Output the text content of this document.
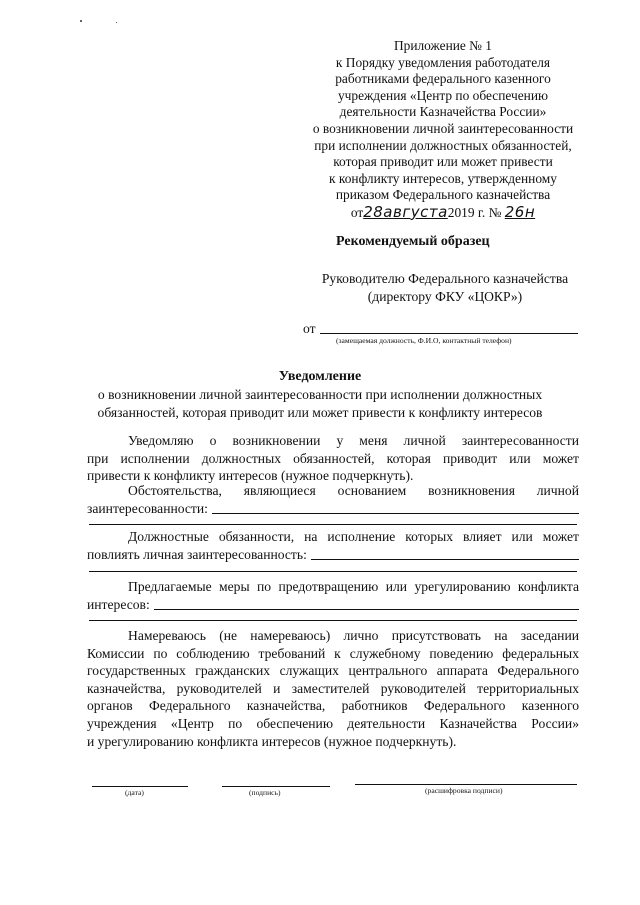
Приложение № 1
к Порядку уведомления работодателя
работниками федерального казенного
учреждения «Центр по обеспечению
деятельности Казначейства России»
о возникновении личной заинтересованности
при исполнении должностных обязанностей,
которая приводит или может привести
к конфликту интересов, утвержденному
приказом Федерального казначейства
от28августа2019 г. № 26н
Рекомендуемый образец
Руководителю Федерального казначейства
(директору ФКУ «ЦОКР»)
от
(замещаемая должность, Ф.И.О, контактный телефон)
Уведомление
о возникновении личной заинтересованности при исполнении должностных
обязанностей, которая приводит или может привести к конфликту интересов
Уведомляю о возникновении у меня личной заинтересованности
при исполнении должностных обязанностей, которая приводит или может
привести к конфликту интересов (нужное подчеркнуть).
Обстоятельства, являющиеся основанием возникновения личной
заинтересованности:
Должностные обязанности, на исполнение которых влияет или может
повлиять личная заинтересованность:
Предлагаемые меры по предотвращению или урегулированию конфликта
интересов:
Намереваюсь (не намереваюсь) лично присутствовать на заседании
Комиссии по соблюдению требований к служебному поведению федеральных
государственных гражданских служащих центрального аппарата Федерального
казначейства, руководителей и заместителей руководителей территориальных
органов Федерального казначейства, работников Федерального казенного
учреждения «Центр по обеспечению деятельности Казначейства России»
и урегулированию конфликта интересов (нужное подчеркнуть).
(дата)	(подпись)	(расшифровка подписи)
